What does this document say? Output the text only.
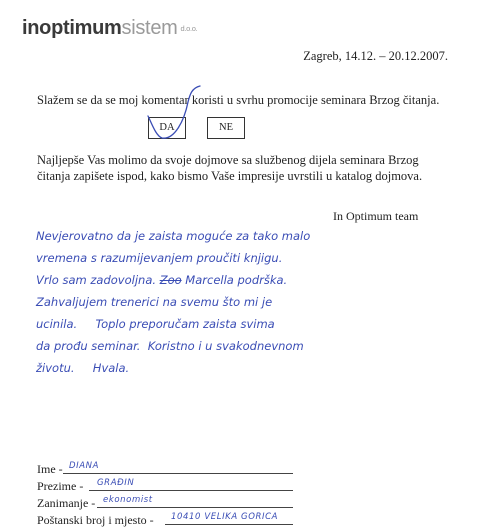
inoptimumsistem d.o.o.
Zagreb, 14.12. – 20.12.2007.
Slažem se da se moj komentar koristi u svrhu promocije seminara Brzog čitanja.
DA	NE
Najljepše Vas molimo da svoje dojmove sa službenog dijela seminara Brzog čitanja zapišete ispod, kako bismo Vaše impresije uvrstili u katalog dojmova.
In Optimum team
Nevjerovatno da je zaista moguće za tako malo
vremena s razumijevanjem proučiti knjigu.
Vrlo sam zadovoljna. Zoo Marcella podrška.
Zahvaljujem trenerici na svemu što mi je
ucinila.     Toplo preporučam zaista svima
da prođu seminar.  Koristno i u svakodnevnom
životu.     Hvala.
Ime - DIANA
Prezime - GRAĐIN
Zanimanje - ekonomist
Poštanski broj i mjesto - 10410 VELIKA GORICA
